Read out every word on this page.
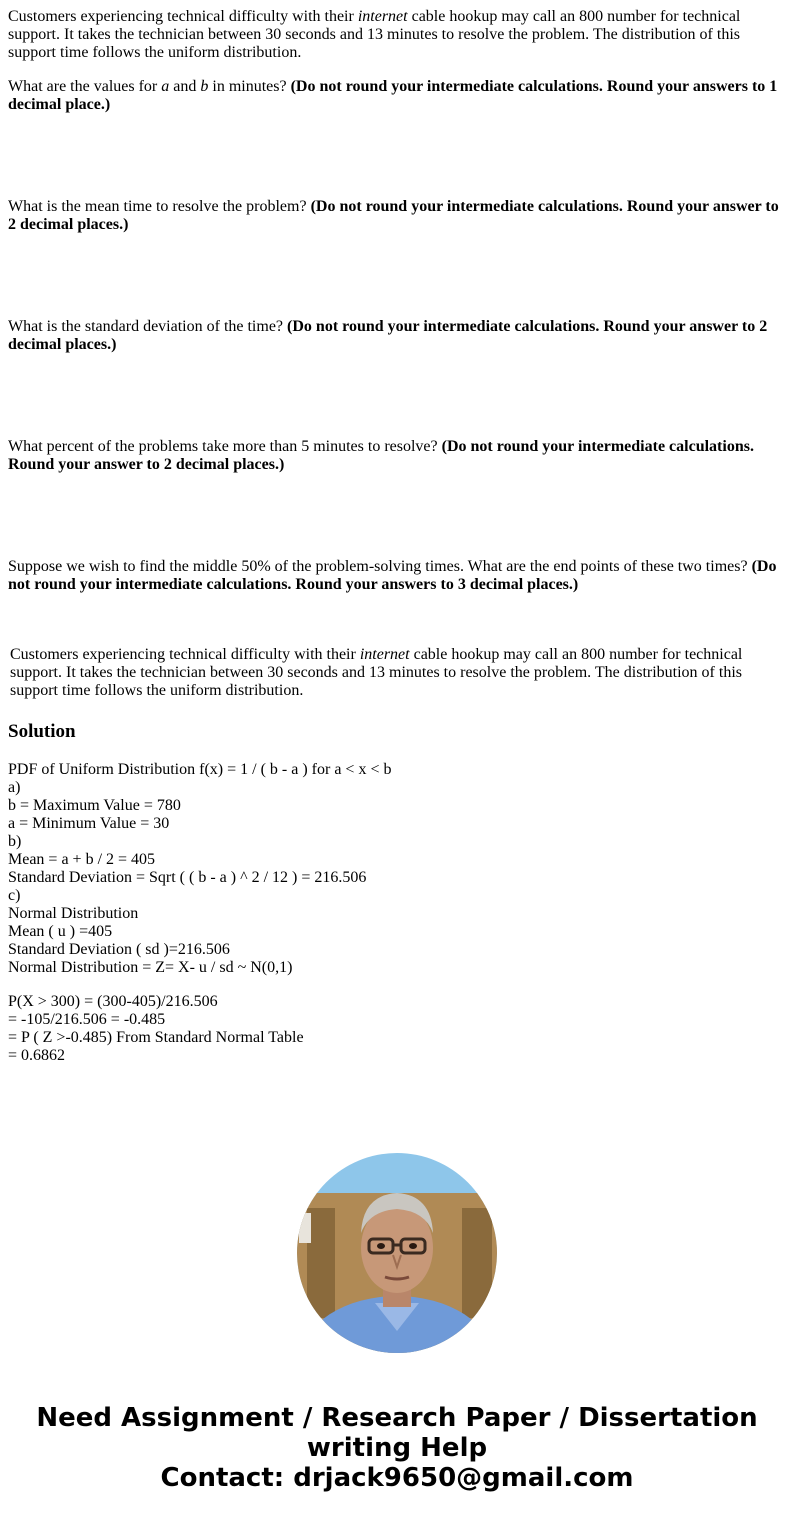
Customers experiencing technical difficulty with their internet cable hookup may call an 800 number for technical support. It takes the technician between 30 seconds and 13 minutes to resolve the problem. The distribution of this support time follows the uniform distribution.
What are the values for a and b in minutes? (Do not round your intermediate calculations. Round your answers to 1 decimal place.)
What is the mean time to resolve the problem? (Do not round your intermediate calculations. Round your answer to 2 decimal places.)
What is the standard deviation of the time? (Do not round your intermediate calculations. Round your answer to 2 decimal places.)
What percent of the problems take more than 5 minutes to resolve? (Do not round your intermediate calculations. Round your answer to 2 decimal places.)
Suppose we wish to find the middle 50% of the problem-solving times. What are the end points of these two times? (Do not round your intermediate calculations. Round your answers to 3 decimal places.)
Customers experiencing technical difficulty with their internet cable hookup may call an 800 number for technical support. It takes the technician between 30 seconds and 13 minutes to resolve the problem. The distribution of this support time follows the uniform distribution.
Solution
PDF of Uniform Distribution f(x) = 1 / ( b - a ) for a < x < b
a)
b = Maximum Value = 780
a = Minimum Value = 30
b)
Mean = a + b / 2 = 405
Standard Deviation = Sqrt ( ( b - a ) ^ 2 / 12 ) = 216.506
c)
Normal Distribution
Mean ( u ) =405
Standard Deviation ( sd )=216.506
Normal Distribution = Z= X- u / sd ~ N(0,1)
P(X > 300) = (300-405)/216.506
= -105/216.506 = -0.485
= P ( Z >-0.485) From Standard Normal Table
= 0.6862
Need Assignment / Research Paper / Dissertation
writing Help
Contact: drjack9650@gmail.com
